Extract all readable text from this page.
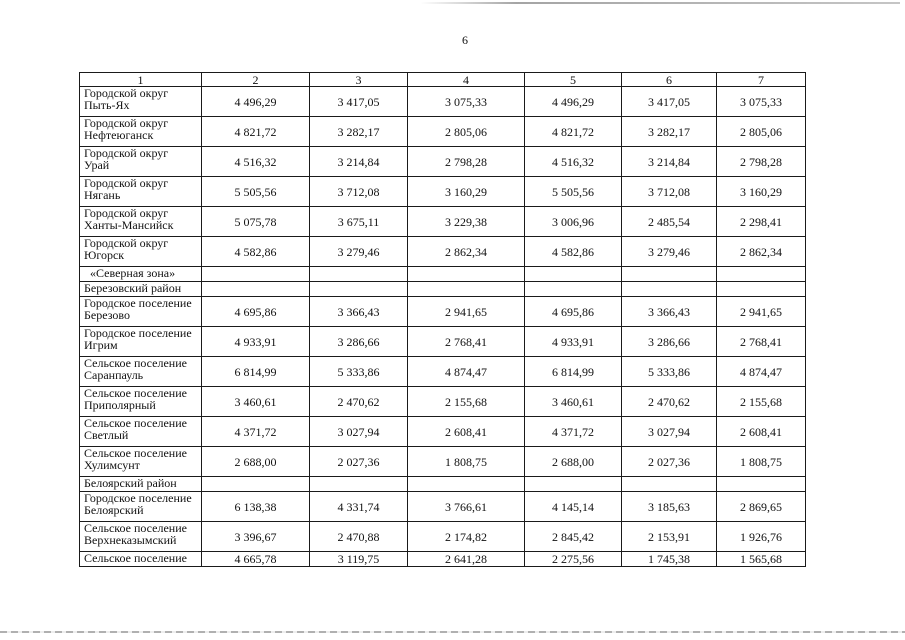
6
1	2	3	4	5	6	7

Городской округ
Пыть-Ях	4 496,29	3 417,05	3 075,33	4 496,29	3 417,05	3 075,33

Городской округ
Нефтеюганск	4 821,72	3 282,17	2 805,06	4 821,72	3 282,17	2 805,06

Городской округ
Урай	4 516,32	3 214,84	2 798,28	4 516,32	3 214,84	2 798,28

Городской округ
Нягань	5 505,56	3 712,08	3 160,29	5 505,56	3 712,08	3 160,29

Городской округ
Ханты-Мансийск	5 075,78	3 675,11	3 229,38	3 006,96	2 485,54	2 298,41

Городской округ
Югорск	4 582,86	3 279,46	2 862,34	4 582,86	3 279,46	2 862,34
«Северная зона»						
Березовский район						

Городское поселение
Березово	4 695,86	3 366,43	2 941,65	4 695,86	3 366,43	2 941,65

Городское поселение
Игрим	4 933,91	3 286,66	2 768,41	4 933,91	3 286,66	2 768,41

Сельское поселение
Саранпауль	6 814,99	5 333,86	4 874,47	6 814,99	5 333,86	4 874,47

Сельское поселение
Приполярный	3 460,61	2 470,62	2 155,68	3 460,61	2 470,62	2 155,68

Сельское поселение
Светлый	4 371,72	3 027,94	2 608,41	4 371,72	3 027,94	2 608,41

Сельское поселение
Хулимсунт	2 688,00	2 027,36	1 808,75	2 688,00	2 027,36	1 808,75
Белоярский район						

Городское поселение
Белоярский	6 138,38	4 331,74	3 766,61	4 145,14	3 185,63	2 869,65

Сельское поселение
Верхнеказымский	3 396,67	2 470,88	2 174,82	2 845,42	2 153,91	1 926,76

Сельское поселение	4 665,78	3 119,75	2 641,28	2 275,56	1 745,38	1 565,68
